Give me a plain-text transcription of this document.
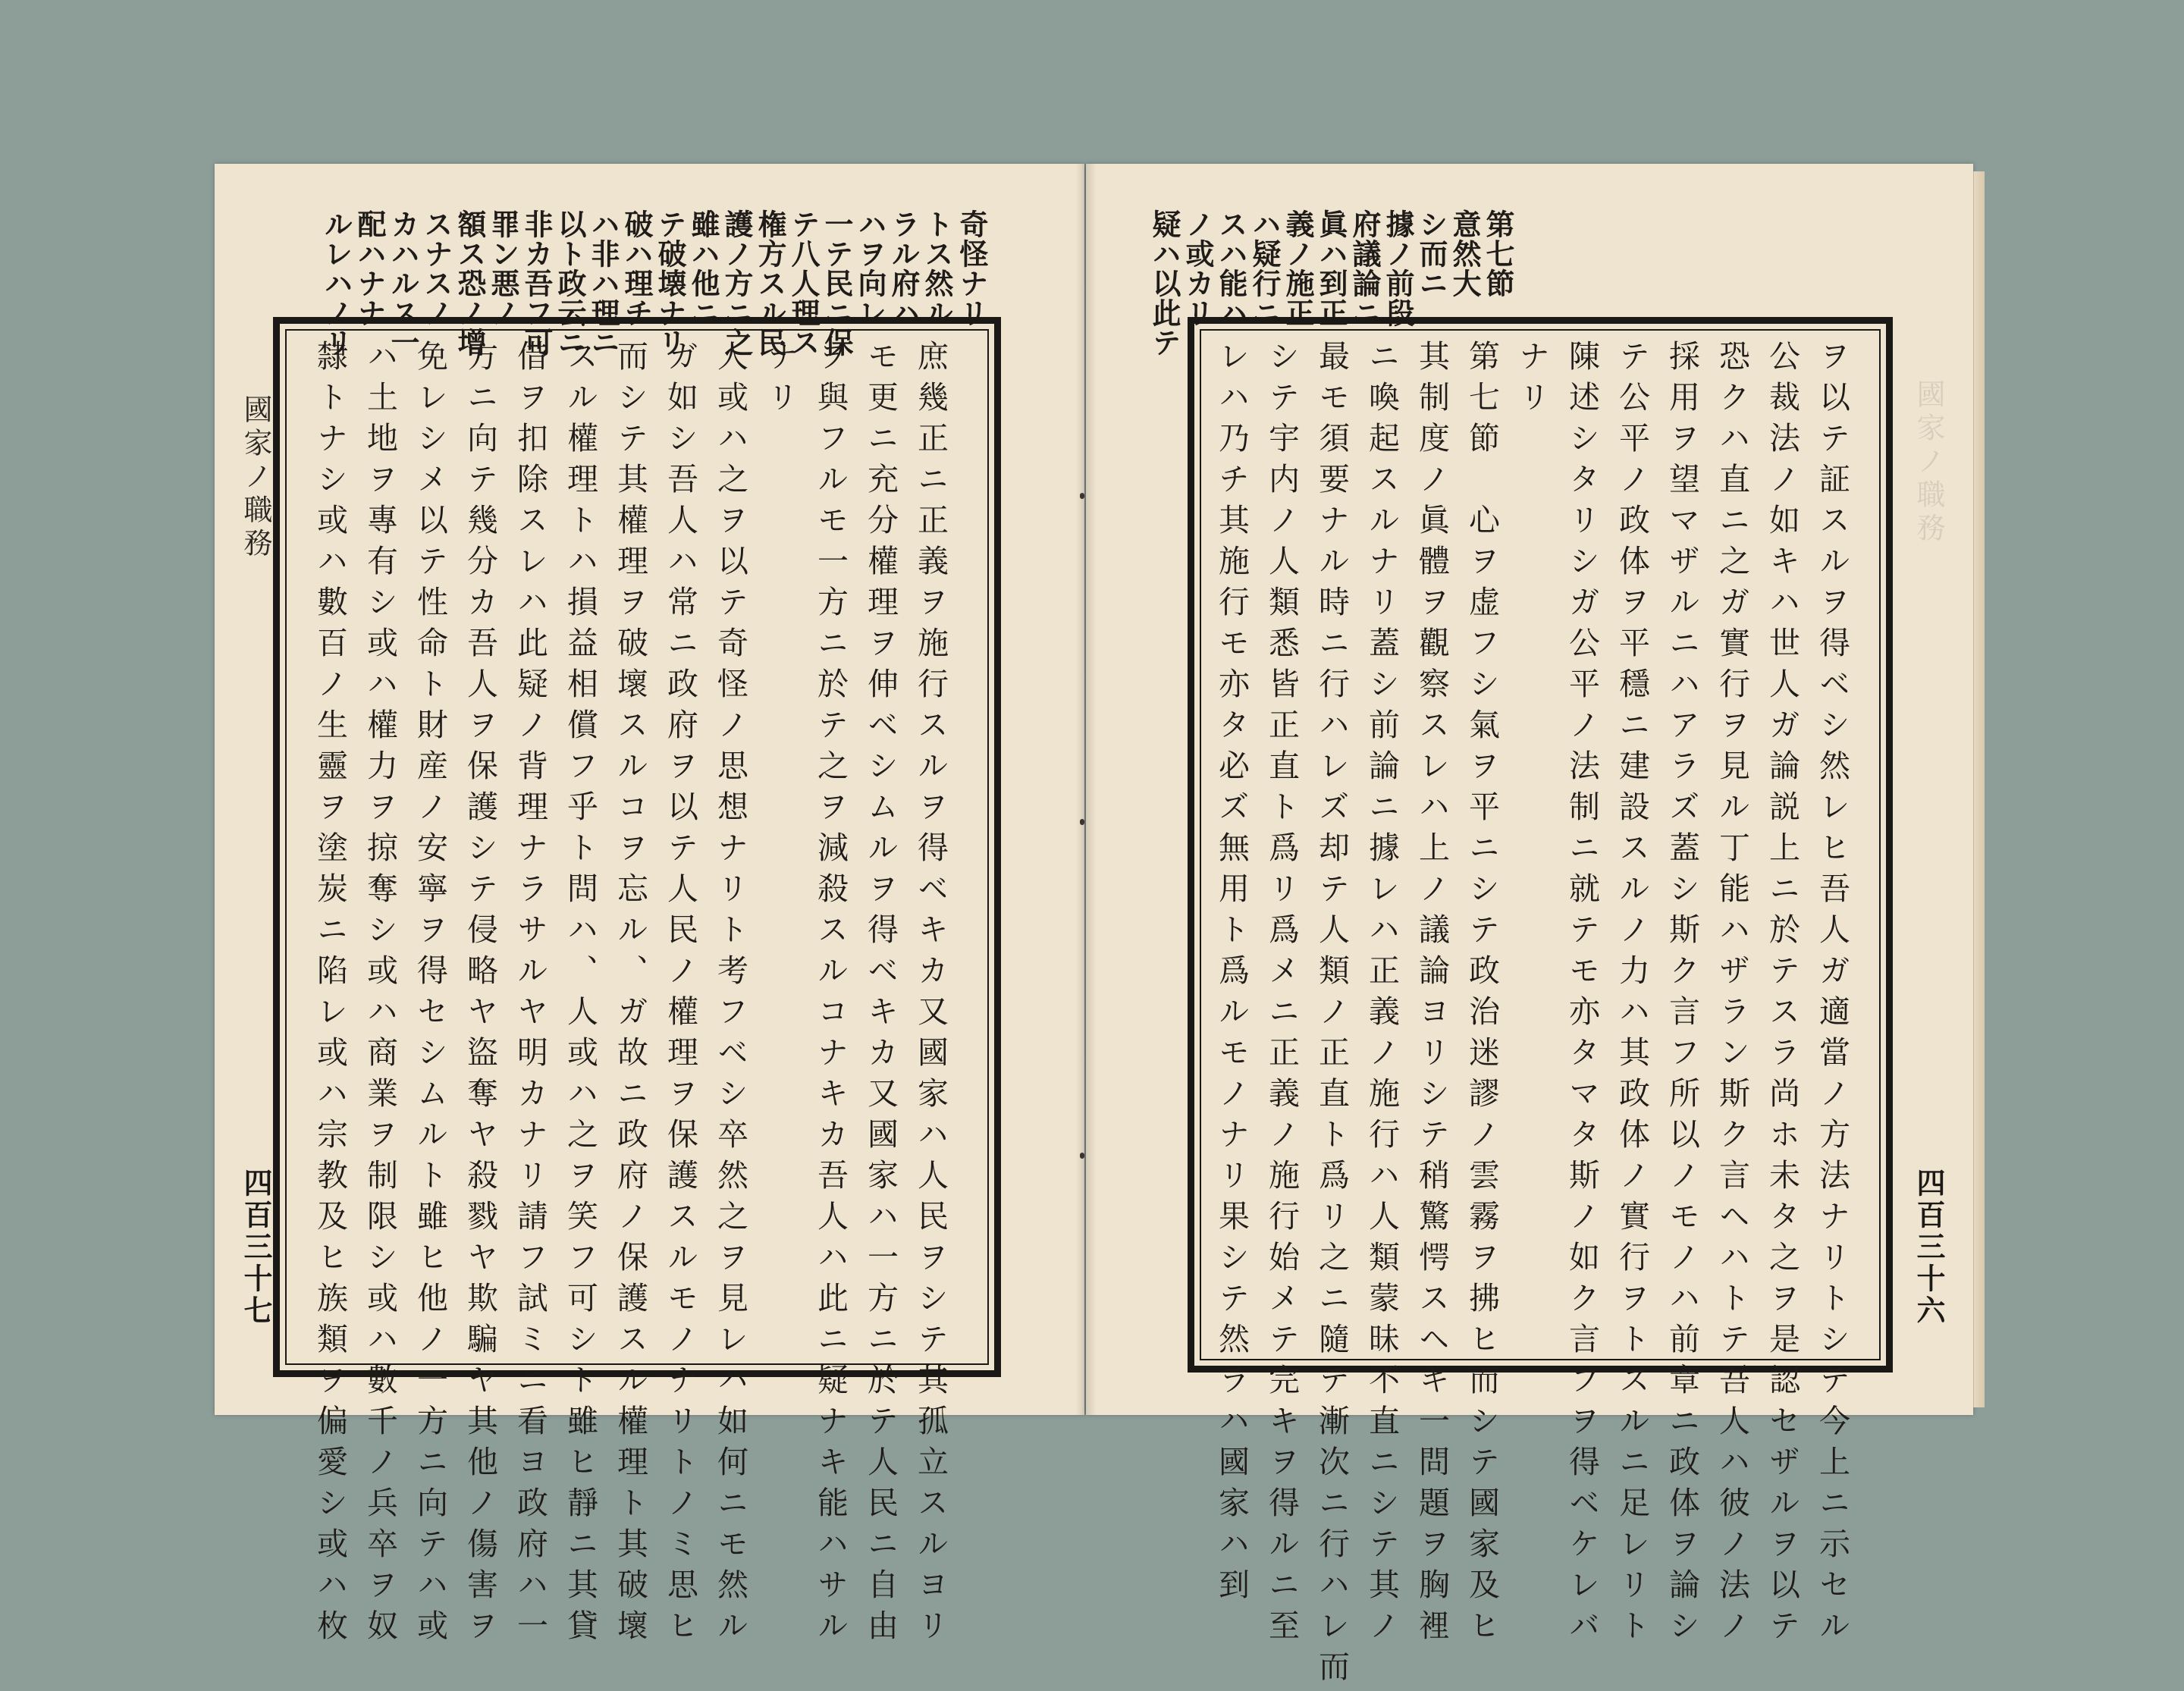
奇怪ナリ
トス然ル
ラル府ハ
ハヲ向レ
一テ民ニ保
テ八人理ス
権方スル民
護ノ方ニ之
雖ハ他ニ
テ破壊ナリ
破ハ理チ
ハ非ハ理ニ
以ト政云ニ
非カ吾フ可
罪ン悪ノ
額ス恐ノ增
スナスノ
カハルス一
配ハナナ
ルレハノリ
庶幾正ニ正義ヲ施行スルヲ得ベキカ又國家ハ人民ヲシテ其孤立スルヨリ
モ更ニ充分權理ヲ伸ベシムルヲ得ベキカ又國家ハ一方ニ於テ人民ニ自由
ヲ與フルモ一方ニ於テ之ヲ減殺スルコナキカ吾人ハ此ニ疑ナキ能ハサル
ナリ
人或ハ之ヲ以テ奇怪ノ思想ナリト考フベシ卒然之ヲ見レハ如何ニモ然ル
ガ如シ吾人ハ常ニ政府ヲ以テ人民ノ權理ヲ保護スルモノナリトノミ思ヒ
而シテ其權理ヲ破壞スルコヲ忘ル、ガ故ニ政府ノ保護スル權理ト其破壞
スル權理トハ損益相償フ乎ト問ハ、人或ハ之ヲ笑フ可シト雖ヒ靜ニ其貸
借ヲ扣除スレハ此疑ノ背理ナラサルヤ明カナリ請フ試ミニ看ヨ政府ハ一
方ニ向テ幾分カ吾人ヲ保護シテ侵略ヤ盜奪ヤ殺戮ヤ欺騙ヤ其他ノ傷害ヲ
免レシメ以テ性命ト財産ノ安寧ヲ得セシムルト雖ヒ他ノ一方ニ向テハ或
ハ土地ヲ專有シ或ハ權力ヲ掠奪シ或ハ商業ヲ制限シ或ハ數千ノ兵卒ヲ奴
隸トナシ或ハ數百ノ生靈ヲ塗炭ニ陷レ或ハ宗教及ヒ族類ヲ偏愛シ或ハ枚
國家ノ職務
四百三十七
第七節
意然大
シ而ニ
據ノ前段
府議論ニ
眞ハ到正
義ノ施正
ハ疑行ニ
スハ能ハ
ノ或カリ
疑ハ以此テ
ヲ以テ証スルヲ得ベシ然レヒ吾人ガ適當ノ方法ナリトシテ今上ニ示セル
公裁法ノ如キハ世人ガ論説上ニ於テスラ尚ホ未タ之ヲ是認セザルヲ以テ
恐クハ直ニ之ガ實行ヲ見ル丁能ハザラン斯ク言ヘハトテ吾人ハ彼ノ法ノ
採用ヲ望マザルニハアラズ蓋シ斯ク言フ所以ノモノハ前章ニ政体ヲ論シ
テ公平ノ政体ヲ平穩ニ建設スルノ力ハ其政体ノ實行ヲトスルニ足レリト
陳述シタリシガ公平ノ法制ニ就テモ亦タマタ斯ノ如ク言フヲ得ベケレバ
ナリ
第七節　心ヲ虚フシ氣ヲ平ニシテ政治迷謬ノ雲霧ヲ拂ヒ而シテ國家及ヒ
其制度ノ眞體ヲ觀察スレハ上ノ議論ヨリシテ稍驚愕スヘキ一問題ヲ胸裡
ニ喚起スルナリ蓋シ前論ニ據レハ正義ノ施行ハ人類蒙昧不直ニシテ其ノ
最モ須要ナル時ニ行ハレズ却テ人類ノ正直ト爲リ之ニ隨テ漸次ニ行ハレ而
シテ宇内ノ人類悉皆正直ト爲リ爲メニ正義ノ施行始メテ完キヲ得ルニ至
レハ乃チ其施行モ亦タ必ズ無用ト爲ルモノナリ果シテ然ラハ國家ハ到	國家ノ職務
四百三十六
